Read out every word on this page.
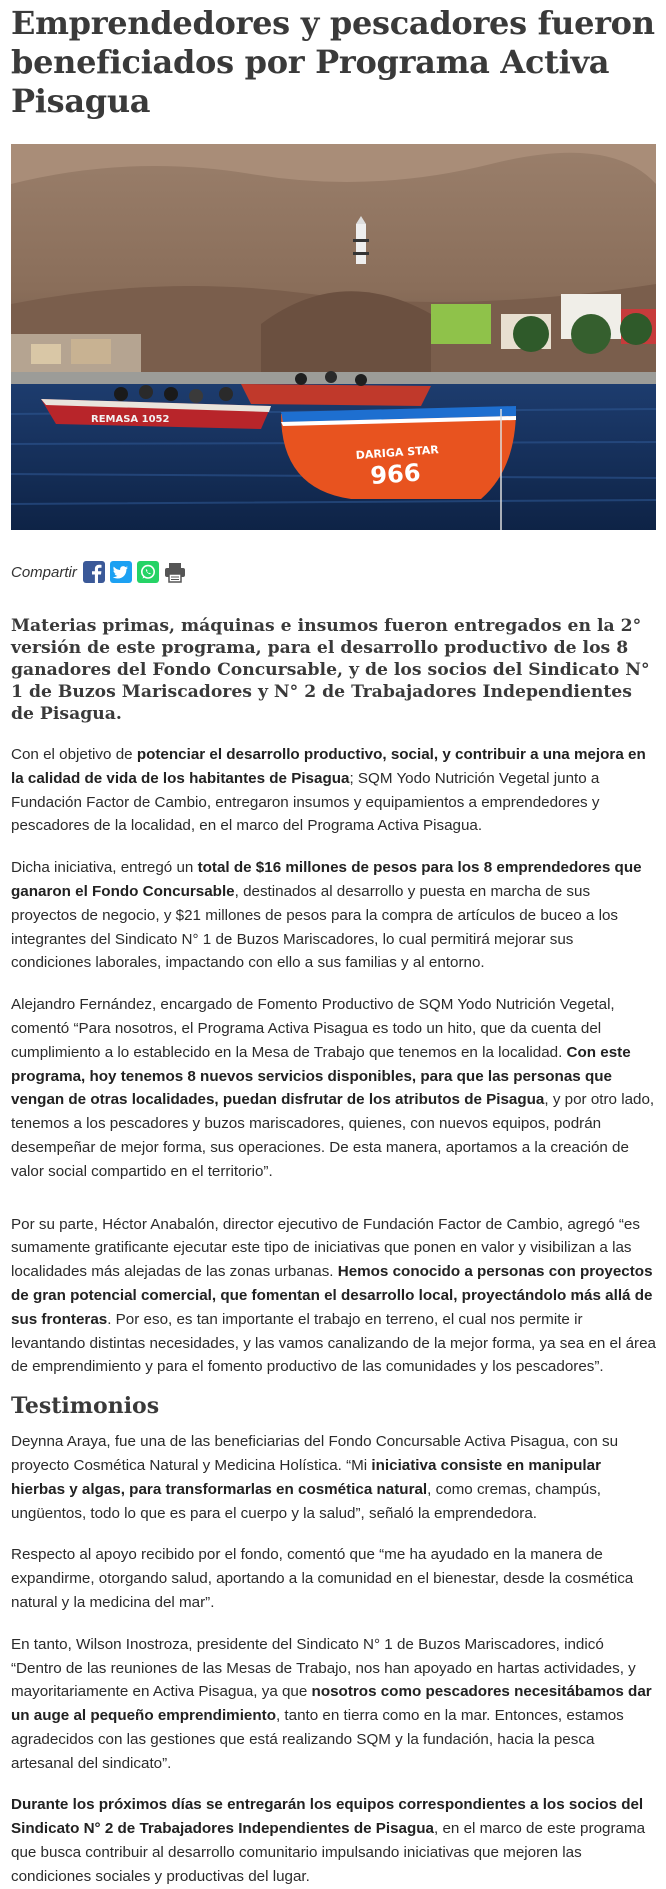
Emprendedores y pescadores fueron beneficiados por Programa Activa Pisagua
REMASA 1052
DARIGA STAR
966
Compartir

Materias primas, máquinas e insumos fueron entregados en la 2° versión de este programa, para el desarrollo productivo de los 8 ganadores del Fondo Concursable, y de los socios del Sindicato N° 1 de Buzos Mariscadores y N° 2 de Trabajadores Independientes de Pisagua.

Con el objetivo de potenciar el desarrollo productivo, social, y contribuir a una mejora en la calidad de vida de los habitantes de Pisagua; SQM Yodo Nutrición Vegetal junto a Fundación Factor de Cambio, entregaron insumos y equipamientos a emprendedores y pescadores de la localidad, en el marco del Programa Activa Pisagua.

Dicha iniciativa, entregó un total de $16 millones de pesos para los 8 emprendedores que ganaron el Fondo Concursable, destinados al desarrollo y puesta en marcha de sus proyectos de negocio, y $21 millones de pesos para la compra de artículos de buceo a los integrantes del Sindicato N° 1 de Buzos Mariscadores, lo cual permitirá mejorar sus condiciones laborales, impactando con ello a sus familias y al entorno.

Alejandro Fernández, encargado de Fomento Productivo de SQM Yodo Nutrición Vegetal, comentó “Para nosotros, el Programa Activa Pisagua es todo un hito, que da cuenta del cumplimiento a lo establecido en la Mesa de Trabajo que tenemos en la localidad. Con este programa, hoy tenemos 8 nuevos servicios disponibles, para que las personas que vengan de otras localidades, puedan disfrutar de los atributos de Pisagua, y por otro lado, tenemos a los pescadores y buzos mariscadores, quienes, con nuevos equipos, podrán desempeñar de mejor forma, sus operaciones. De esta manera, aportamos a la creación de valor social compartido en el territorio”.

Por su parte, Héctor Anabalón, director ejecutivo de Fundación Factor de Cambio, agregó “es sumamente gratificante ejecutar este tipo de iniciativas que ponen en valor y visibilizan a las localidades más alejadas de las zonas urbanas. Hemos conocido a personas con proyectos de gran potencial comercial, que fomentan el desarrollo local, proyectándolo más allá de sus fronteras. Por eso, es tan importante el trabajo en terreno, el cual nos permite ir levantando distintas necesidades, y las vamos canalizando de la mejor forma, ya sea en el área de emprendimiento y para el fomento productivo de las comunidades y los pescadores”.

Testimonios

Deynna Araya, fue una de las beneficiarias del Fondo Concursable Activa Pisagua, con su proyecto Cosmética Natural y Medicina Holística. “Mi iniciativa consiste en manipular hierbas y algas, para transformarlas en cosmética natural, como cremas, champús, ungüentos, todo lo que es para el cuerpo y la salud”, señaló la emprendedora.

Respecto al apoyo recibido por el fondo, comentó que “me ha ayudado en la manera de expandirme, otorgando salud, aportando a la comunidad en el bienestar, desde la cosmética natural y la medicina del mar”.

En tanto, Wilson Inostroza, presidente del Sindicato N° 1 de Buzos Mariscadores, indicó “Dentro de las reuniones de las Mesas de Trabajo, nos han apoyado en hartas actividades, y mayoritariamente en Activa Pisagua, ya que nosotros como pescadores necesitábamos dar un auge al pequeño emprendimiento, tanto en tierra como en la mar. Entonces, estamos agradecidos con las gestiones que está realizando SQM y la fundación, hacia la pesca artesanal del sindicato”.

Durante los próximos días se entregarán los equipos correspondientes a los socios del Sindicato N° 2 de Trabajadores Independientes de Pisagua, en el marco de este programa que busca contribuir al desarrollo comunitario impulsando iniciativas que mejoren las condiciones sociales y productivas del lugar.
